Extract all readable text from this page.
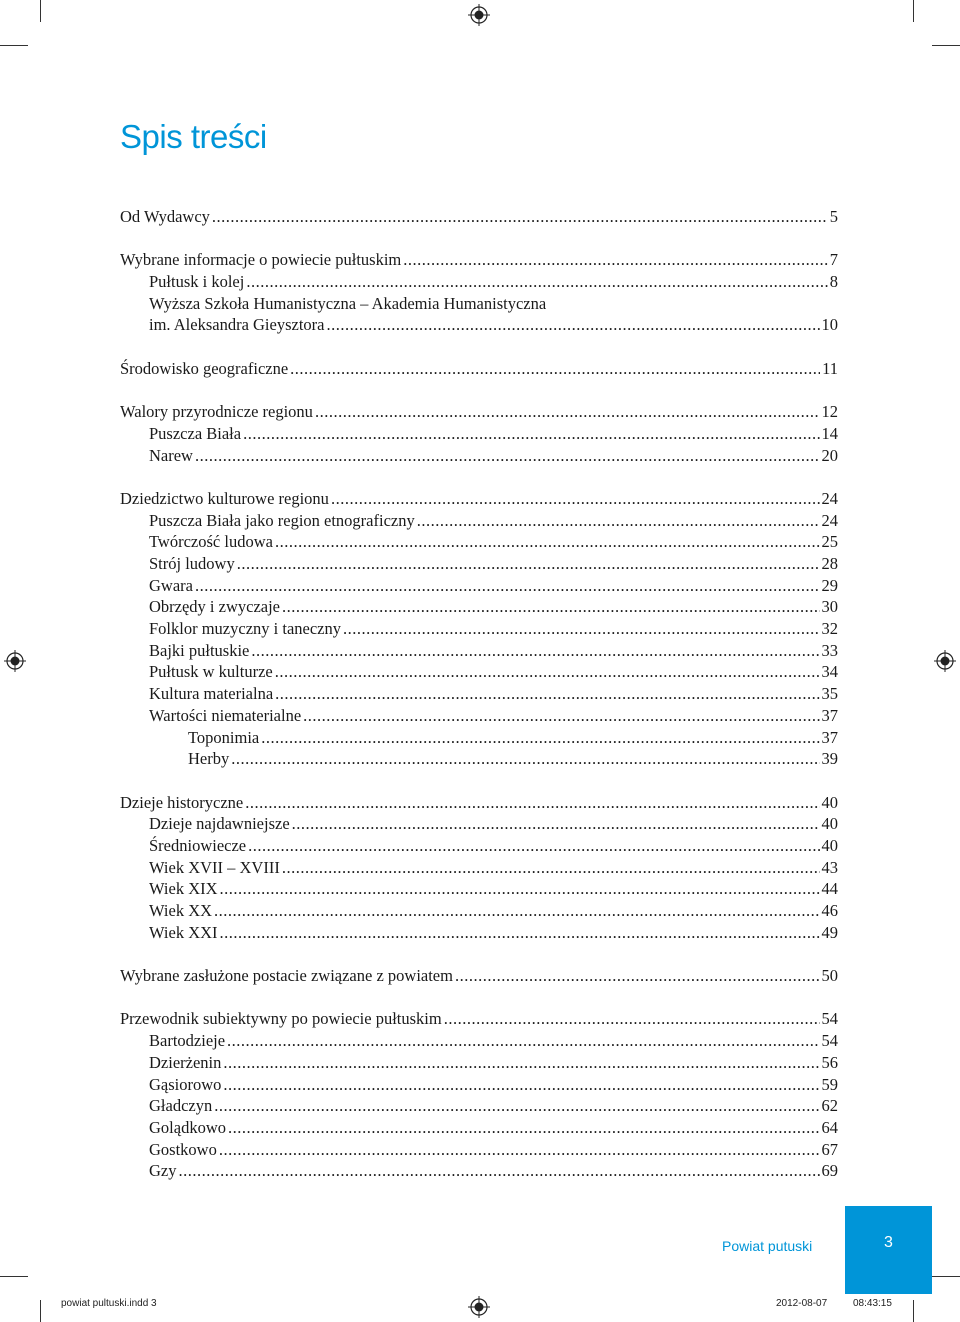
Spis treści
Od Wydawcy .....	5
Wybrane informacje o powiecie pułtuskim .....	7
Pułtusk i kolej .....	8
Wyższa Szkoła Humanistyczna – Akademia Humanistyczna
im. Aleksandra Gieysztora .....	10
Środowisko geograficzne .....	11
Walory przyrodnicze regionu .....	12
Puszcza Biała .....	14
Narew .....	20
Dziedzictwo kulturowe regionu .....	24
Puszcza Biała jako region etnograficzny .....	24
Twórczość ludowa .....	25
Strój ludowy .....	28
Gwara .....	29
Obrzędy i zwyczaje .....	30
Folklor muzyczny i taneczny .....	32
Bajki pułtuskie .....	33
Pułtusk w kulturze .....	34
Kultura materialna .....	35
Wartości niematerialne .....	37
Toponimia .....	37
Herby .....	39
Dzieje historyczne .....	40
Dzieje najdawniejsze .....	40
Średniowiecze .....	40
Wiek XVII – XVIII .....	43
Wiek XIX .....	44
Wiek XX .....	46
Wiek XXI .....	49
Wybrane zasłużone postacie związane z powiatem .....	50
Przewodnik subiektywny po powiecie pułtuskim .....	54
Bartodzieje .....	54
Dzierżenin .....	56
Gąsiorowo .....	59
Gładczyn .....	62
Golądkowo .....	64
Gostkowo .....	67
Gzy .....	69
3
Powiat putuski
powiat pultuski.indd 3	2012-08-07	08:43:15
